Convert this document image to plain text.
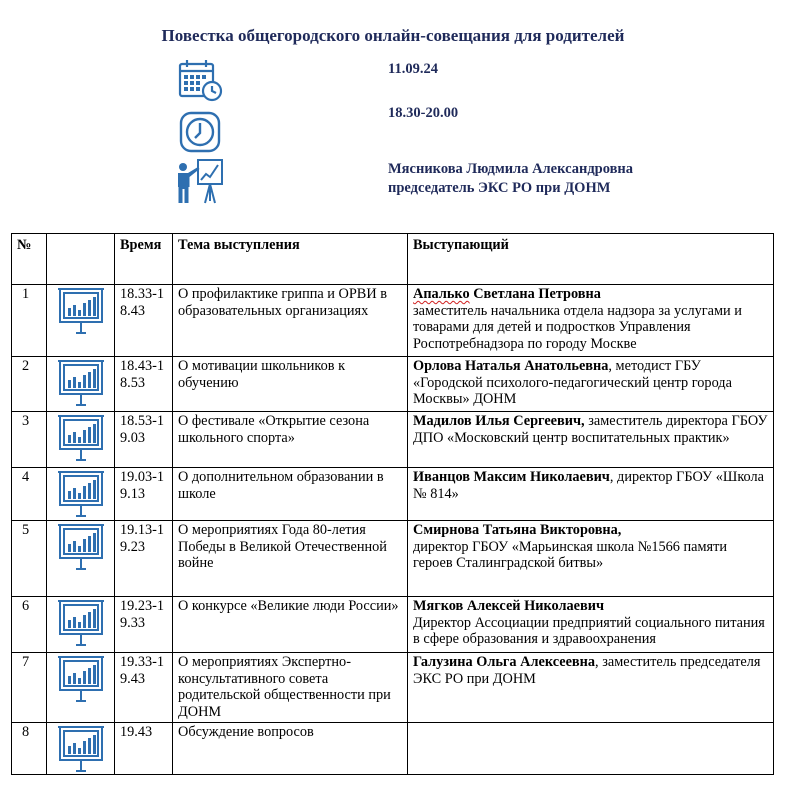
Повестка общегородского онлайн-совещания для родителей
11.09.24
18.30-20.00
Мясникова Людмила Александровна
председатель ЭКС РО при ДОНМ
№		Время	Тема выступления	Выступающий
1		18.33-18.43	О профилактике гриппа и ОРВИ в образовательных организациях	Апалько Светлана Петровна
заместитель начальника отдела надзора за услугами и товарами для детей и подростков Управления Роспотребнадзора по городу Москве
2		18.43-18.53	О мотивации школьников к обучению	Орлова Наталья Анатольевна, методист ГБУ «Городской психолого-педагогический центр города Москвы» ДОНМ
3		18.53-19.03	О фестивале «Открытие сезона школьного спорта»	Мадилов Илья Сергеевич, заместитель директора ГБОУ ДПО «Московский центр воспитательных практик»
4		19.03-19.13	О дополнительном образовании в школе	Иванцов Максим Николаевич, директор ГБОУ «Школа № 814»
5		19.13-19.23	О мероприятиях Года 80-летия Победы в Великой Отечественной войне	Смирнова Татьяна Викторовна,
директор ГБОУ «Марьинская школа №1566 памяти героев Сталинградской битвы»
6		19.23-19.33	О конкурсе «Великие люди России»	Мягков Алексей Николаевич
Директор Ассоциации предприятий социального питания в сфере образования и здравоохранения
7		19.33-19.43	О мероприятиях Экспертно-консультативного совета родительской общественности при ДОНМ	Галузина Ольга Алексеевна, заместитель председателя ЭКС РО при ДОНМ
8		19.43	Обсуждение вопросов	
